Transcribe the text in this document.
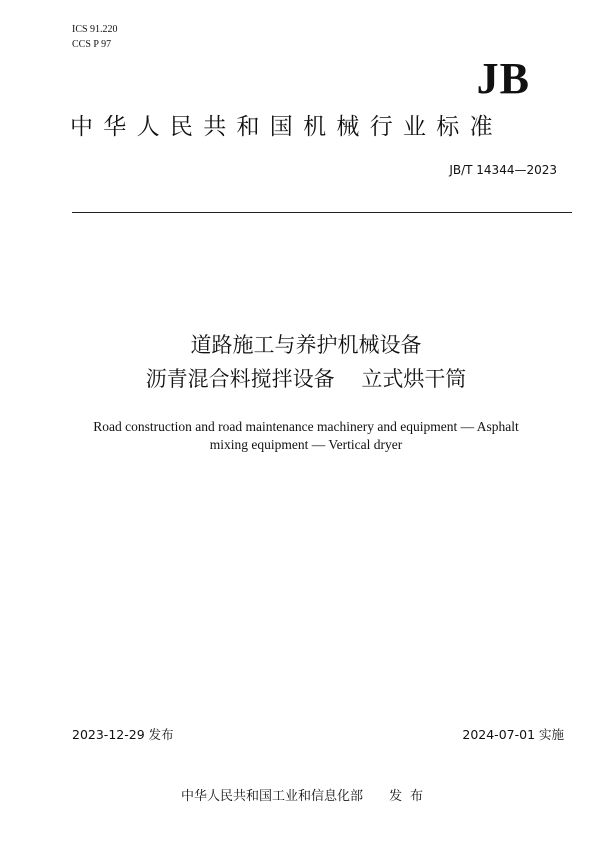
ICS 91.220
CCS P 97
JB
中华人民共和国机械行业标准
JB/T 14344—2023
道路施工与养护机械设备
沥青混合料搅拌设备    立式烘干筒
Road construction and road maintenance machinery and equipment — Asphalt mixing equipment — Vertical dryer
2023-12-29 发布	2024-07-01 实施
中华人民共和国工业和信息化部 发布
